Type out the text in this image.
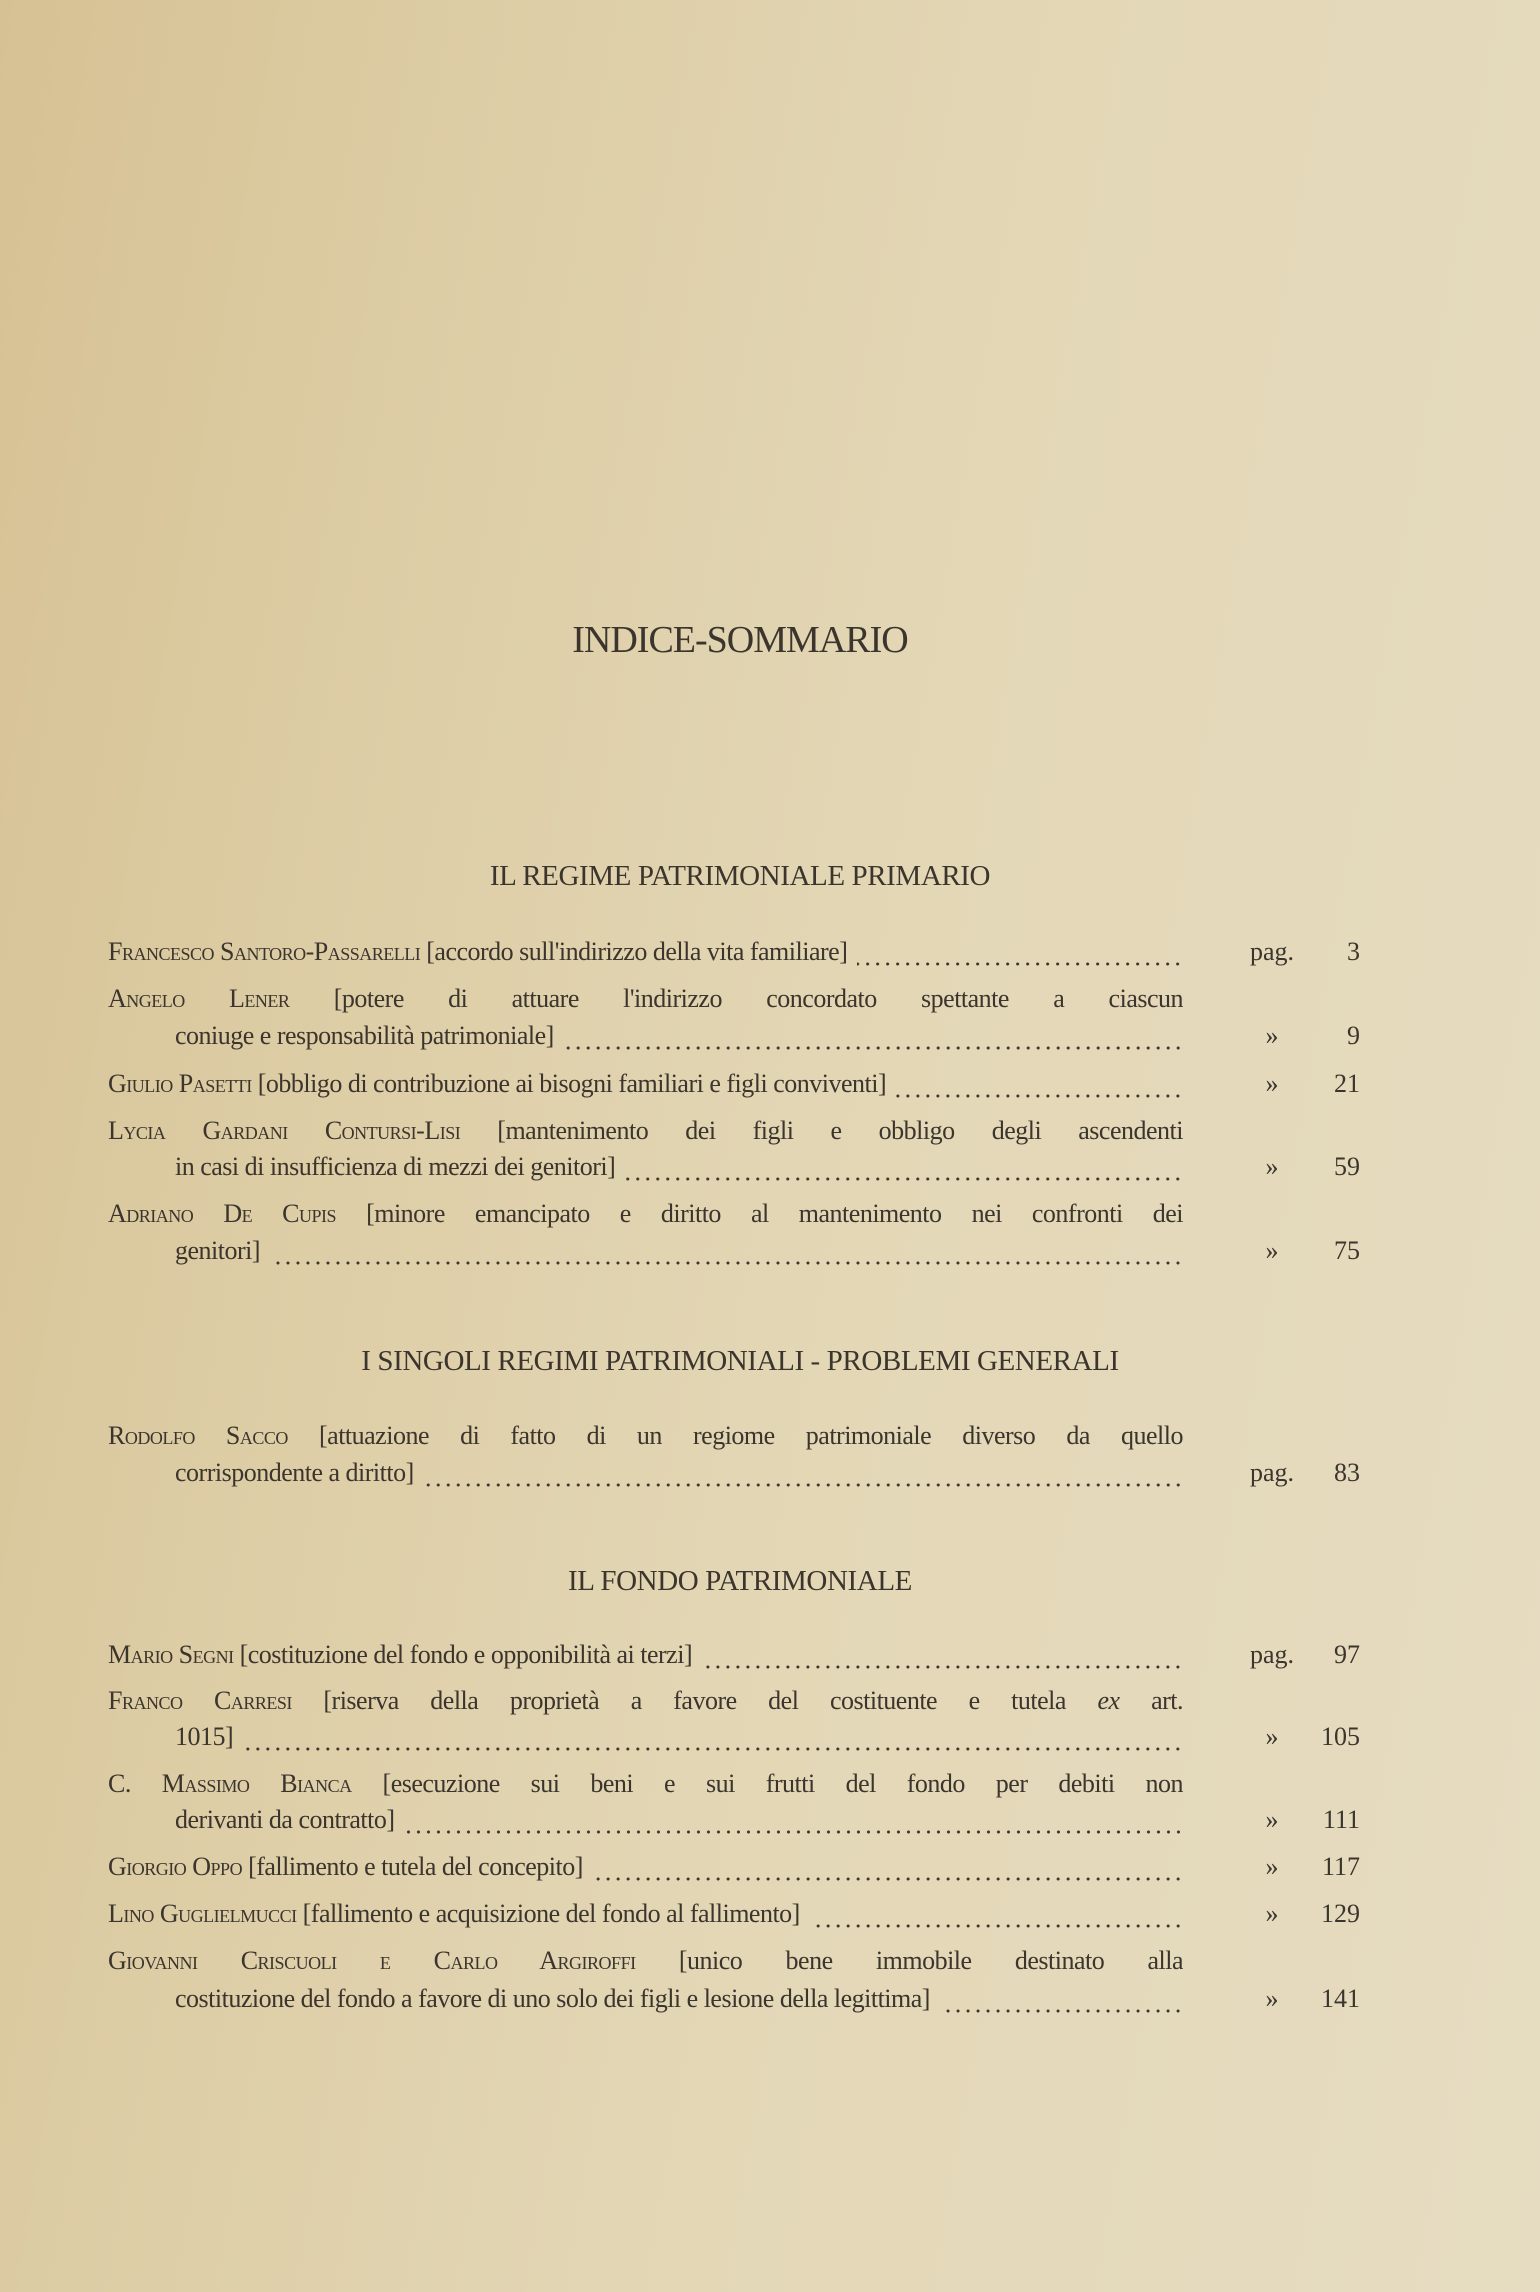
INDICE-SOMMARIO
IL REGIME PATRIMONIALE PRIMARIO
Francesco Santoro-Passarelli [accordo sull'indirizzo della vita familiare]	pag.	3
Angelo Lener [potere di attuare l'indirizzo concordato spettante a ciascun
coniuge e responsabilità patrimoniale]	»	9
Giulio Pasetti [obbligo di contribuzione ai bisogni familiari e figli conviventi]	»	21
Lycia Gardani Contursi-Lisi [mantenimento dei figli e obbligo degli ascendenti
in casi di insufficienza di mezzi dei genitori]	»	59
Adriano De Cupis [minore emancipato e diritto al mantenimento nei confronti dei
genitori]	»	75
I SINGOLI REGIMI PATRIMONIALI - PROBLEMI GENERALI
Rodolfo Sacco [attuazione di fatto di un regiome patrimoniale diverso da quello
corrispondente a diritto]	pag.	83
IL FONDO PATRIMONIALE
Mario Segni [costituzione del fondo e opponibilità ai terzi]	pag.	97
Franco Carresi [riserva della proprietà a favore del costituente e tutela ex art.
1015]	»	105
C. Massimo Bianca [esecuzione sui beni e sui frutti del fondo per debiti non
derivanti da contratto]	»	111
Giorgio Oppo [fallimento e tutela del concepito]	»	117
Lino Guglielmucci [fallimento e acquisizione del fondo al fallimento]	»	129
Giovanni Criscuoli e Carlo Argiroffi [unico bene immobile destinato alla
costituzione del fondo a favore di uno solo dei figli e lesione della legittima]	»	141
